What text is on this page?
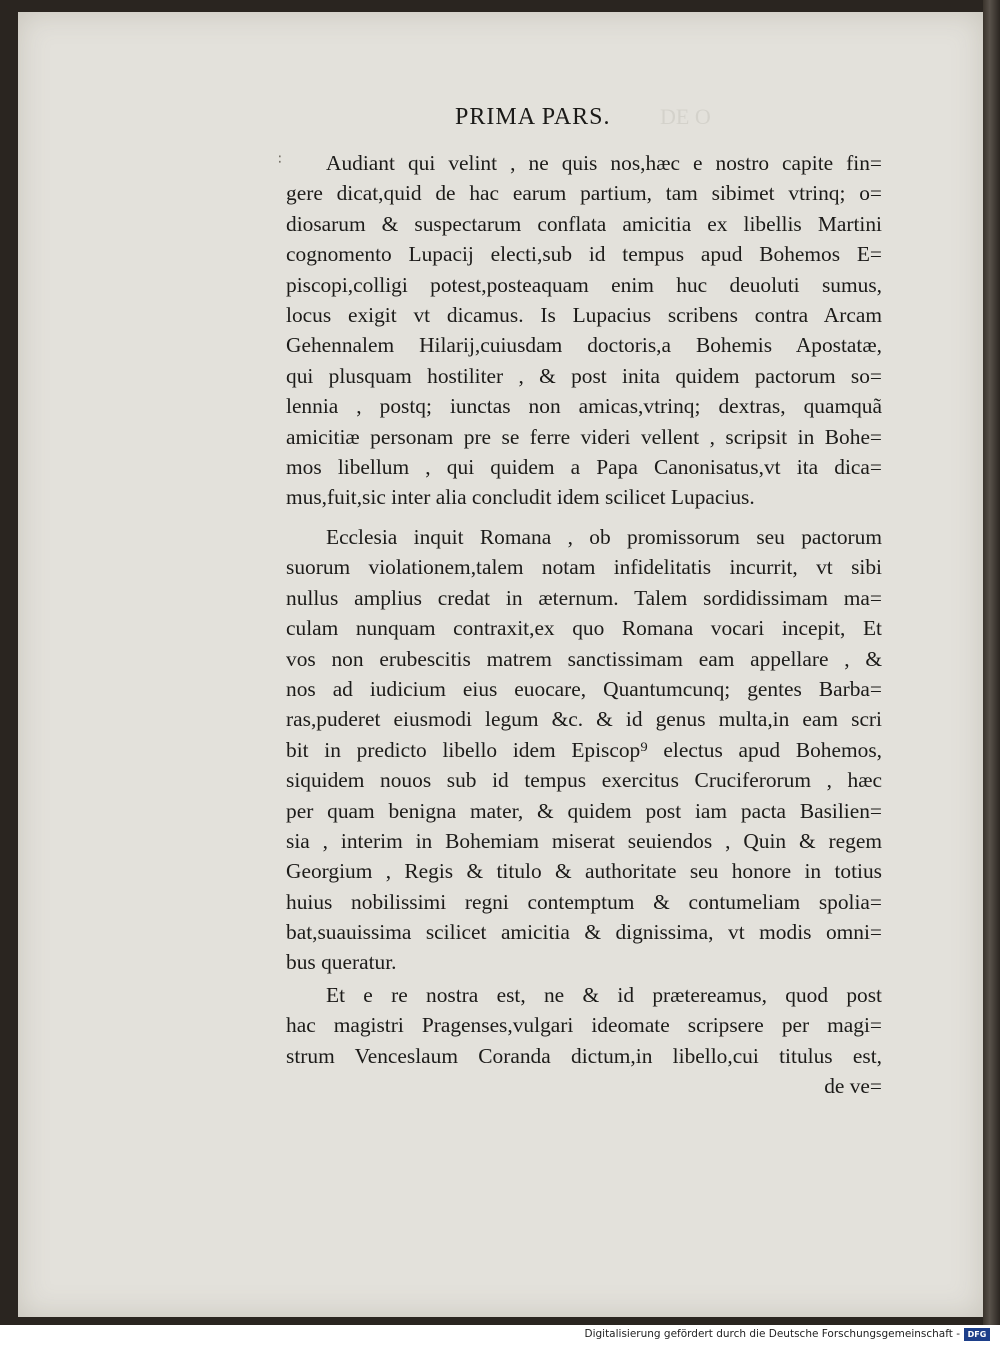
DE O
PRIMA PARS.
∶	Audiant qui velint , ne quis nos,hæc e nostro capite fin=
gere dicat,quid de hac earum partium, tam sibimet vtrinq; o=
diosarum & suspectarum conflata amicitia ex libellis Martini
cognomento Lupacij electi,sub id tempus apud Bohemos E=
piscopi,colligi potest,posteaquam enim huc deuoluti sumus,
locus exigit vt dicamus. Is Lupacius scribens contra Arcam
Gehennalem Hilarij,cuiusdam doctoris,a Bohemis Apostatæ,
qui plusquam hostiliter , & post inita quidem pactorum so=
lennia , postq; iunctas non amicas,vtrinq; dextras, quamquã
amicitiæ personam pre se ferre videri vellent , scripsit in Bohe=
mos libellum , qui quidem a Papa Canonisatus,vt ita dica=
mus,fuit,sic inter alia concludit idem scilicet Lupacius.
Ecclesia inquit Romana , ob promissorum seu pactorum
suorum violationem,talem notam infidelitatis incurrit, vt sibi
nullus amplius credat in æternum. Talem sordidissimam ma=
culam nunquam contraxit,ex quo Romana vocari incepit, Et
vos non erubescitis matrem sanctissimam eam appellare , &
nos ad iudicium eius euocare, Quantumcunq; gentes Barba=
ras,puderet eiusmodi legum &c. & id genus multa,in eam scri
bit in predicto libello idem Episcop⁹ electus apud Bohemos,
siquidem nouos sub id tempus exercitus Cruciferorum , hæc
per quam benigna mater, & quidem post iam pacta Basilien=
sia , interim in Bohemiam miserat seuiendos , Quin & regem
Georgium , Regis & titulo & authoritate seu honore in totius
huius nobilissimi regni contemptum & contumeliam spolia=
bat,suauissima scilicet amicitia & dignissima, vt modis omni=
bus queratur.
Et e re nostra est, ne & id prætereamus, quod post
hac magistri Pragenses,vulgari ideomate scripsere per magi=
strum Venceslaum Coranda dictum,in libello,cui titulus est,
de ve=
Digitalisierung gefördert durch die Deutsche Forschungsgemeinschaft - DFG
